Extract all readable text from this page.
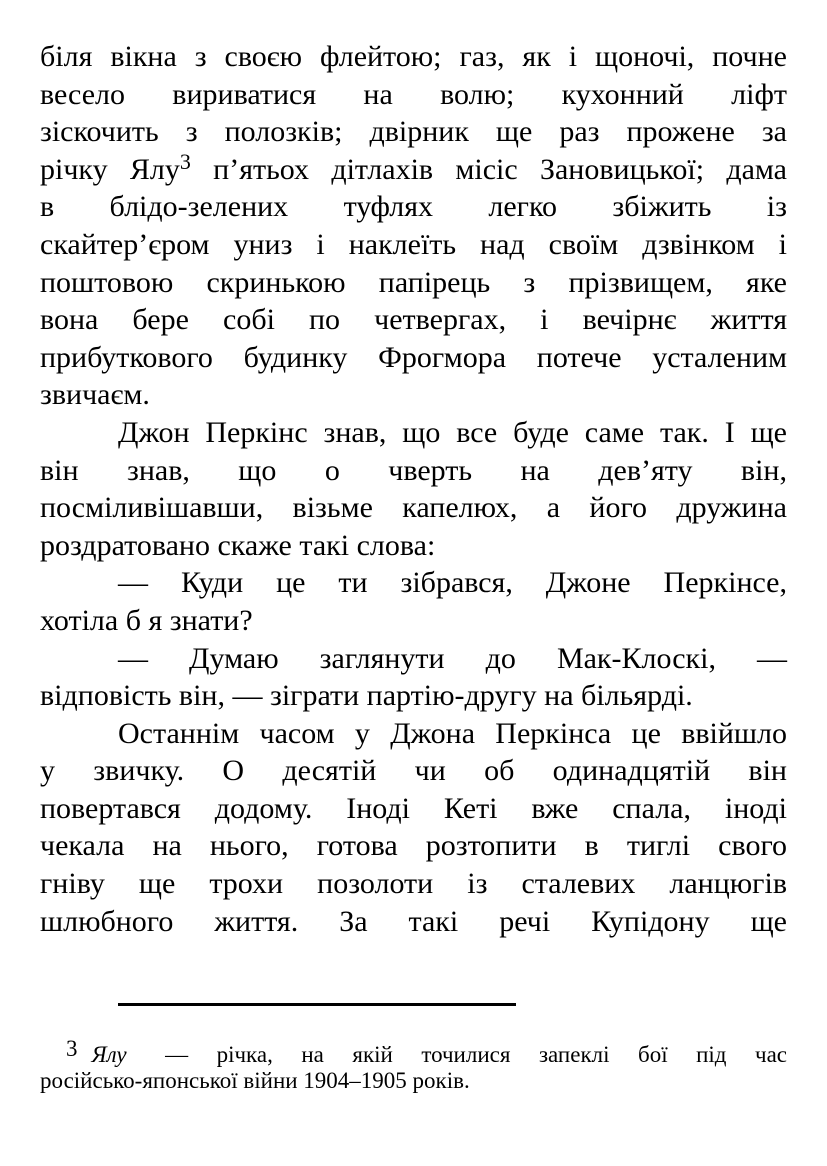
біля вікна з своєю флейтою; газ, як і щоночі, почне
весело вириватися на волю; кухонний ліфт
зіскочить з полозків; двірник ще раз прожене за
річку Ялу$^3$ п’ятьох дітлахів місіс Зановицької; дама
в блідо-зелених туфлях легко збіжить із
скайтер’єром униз і наклеїть над своїм дзвінком і
поштовою скринькою папірець з прізвищем, яке
вона бере собі по четвергах, і вечірнє життя
прибуткового будинку Фрогмора потече усталеним
звичаєм.
Джон Перкінс знав, що все буде саме так. І ще
він знав, що о чверть на дев’яту він,
посміливішавши, візьме капелюх, а його дружина
роздратовано скаже такі слова:
— Куди це ти зібрався, Джоне Перкінсе,
хотіла б я знати?
— Думаю заглянути до Мак-Клоскі, —
відповість він, — зіграти партію-другу на більярді.
Останнім часом у Джона Перкінса це ввійшло
у звичку. О десятій чи об одинадцятій він
повертався додому. Іноді Кеті вже спала, іноді
чекала на нього, готова розтопити в тиглі свого
гніву ще трохи позолоти із сталевих ланцюгів
шлюбного життя. За такі речі Купідону ще
3 Ялу — річка, на якій точилися запеклі бої під час
російсько-японської війни 1904–1905 років.
